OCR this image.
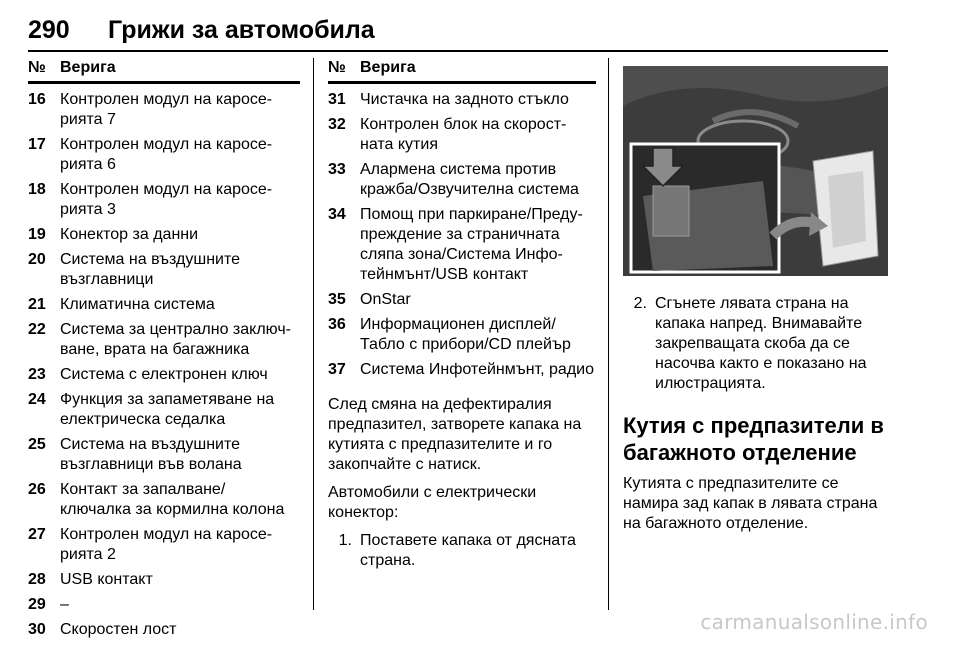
290 Грижи за автомобила
№ Верига
16 Контролен модул на каросе-рията 7
17 Контролен модул на каросе-рията 6
18 Контролен модул на каросе-рията 3
19 Конектор за данни
20 Система на въздушните възглавници
21 Климатична система
22 Система за централно заключ-ване, врата на багажника
23 Система с електронен ключ
24 Функция за запаметяване на електрическа седалка
25 Система на въздушните възглавници във волана
26 Контакт за запалване/ ключалка за кормилна колона
27 Контролен модул на каросе-рията 2
28 USB контакт
29 –
30 Скоростен лост
№ Верига
31 Чистачка на задното стъкло
32 Контролен блок на скорост-ната кутия
33 Алармена система против кражба/Озвучителна система
34 Помощ при паркиране/Преду-преждение за страничната сляпа зона/Система Инфо-тейнмънт/USB контакт
35 OnStar
36 Информационен дисплей/ Табло с прибори/CD плейър
37 Система Инфотейнмънт, радио

След смяна на дефектиралия предпазител, затворете капака на кутията с предпазителите и го закопчайте с натиск.

Автомобили с електрически конектор:

1. Поставете капака от дясната страна.
2. Сгънете лявата страна на капака напред. Внимавайте закрепващата скоба да се насочва както е показано на илюстрацията.
Кутия с предпазители в багажното отделение

Кутията с предпазителите се намира зад капак в лявата страна на багажното отделение.

carmanualsonline.info
